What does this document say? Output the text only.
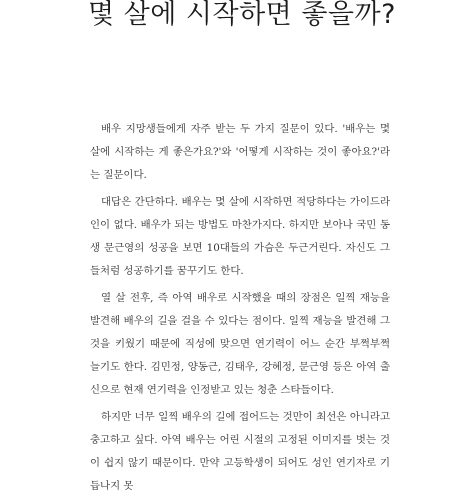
몇 살에 시작하면 좋을까?

배우 지망생들에게 자주 받는 두 가지 질문이 있다. '배우는 몇 살에 시작하는 게 좋은가요?'와 '어떻게 시작하는 것이 좋아요?'라는 질문이다.

대답은 간단하다. 배우는 몇 살에 시작하면 적당하다는 가이드라인이 없다. 배우가 되는 방법도 마찬가지다. 하지만 보아나 국민 동생 문근영의 성공을 보면 10대들의 가슴은 두근거린다. 자신도 그들처럼 성공하기를 꿈꾸기도 한다.

열 살 전후, 즉 아역 배우로 시작했을 때의 장점은 일찍 재능을 발견해 배우의 길을 걸을 수 있다는 점이다. 일찍 재능을 발견해 그것을 키웠기 때문에 직성에 맞으면 연기력이 어느 순간 부쩍부쩍 늘기도 한다. 김민정, 양동근, 김태우, 강혜정, 문근영 등은 아역 출신으로 현재 연기력을 인정받고 있는 청춘 스타들이다.

하지만 너무 일찍 배우의 길에 접어드는 것만이 최선은 아니라고 충고하고 싶다. 아역 배우는 어린 시절의 고정된 이미지를 벗는 것이 쉽지 않기 때문이다. 만약 고등학생이 되어도 성인 연기자로 기듭나지 못
